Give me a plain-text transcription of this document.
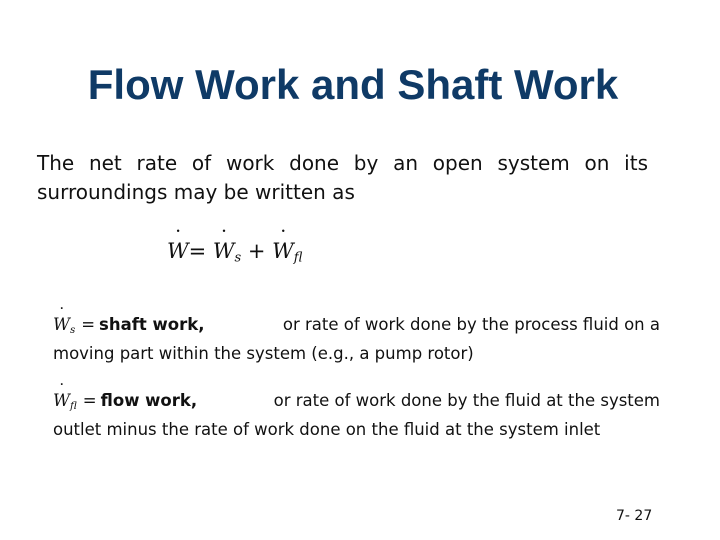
Flow Work and Shaft Work

The net rate of work done by an open system on its surroundings may be written as

˙ W= ˙ $W_s$ + ˙ $W_{fl}$
˙ $W_s$ = shaft work,	or rate of work done by the process fluid on a
moving part within the system (e.g., a pump rotor)
˙ $W_{fl}$ = flow work,	or rate of work done by the fluid at the system
outlet minus the rate of work done on the fluid at the system inlet
7- 27
